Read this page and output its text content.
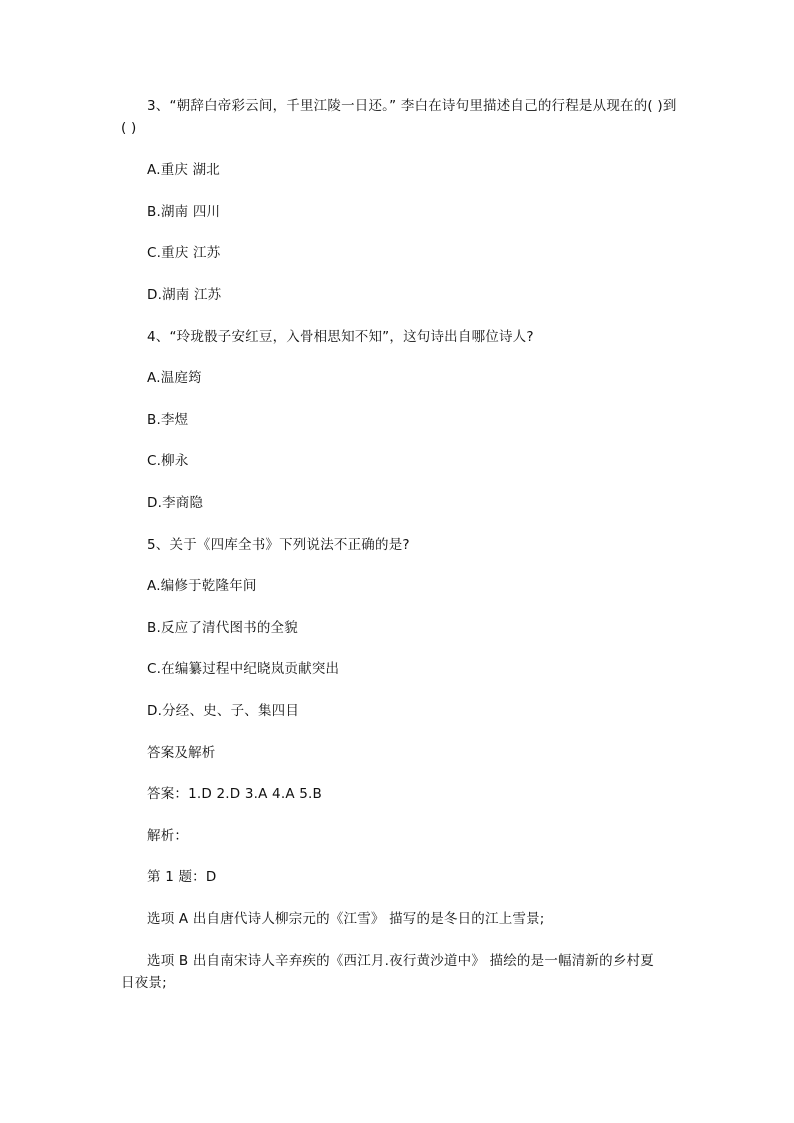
3、“朝辞白帝彩云间，千里江陵一日还。” 李白在诗句里描述自己的行程是从现在的( )到
( )
A.重庆 湖北
B.湖南 四川
C.重庆 江苏
D.湖南 江苏
4、“玲珑骰子安红豆，入骨相思知不知”，这句诗出自哪位诗人?
A.温庭筠
B.李煜
C.柳永
D.李商隐
5、关于《四库全书》下列说法不正确的是?
A.编修于乾隆年间
B.反应了清代图书的全貌
C.在编纂过程中纪晓岚贡献突出
D.分经、史、子、集四目
答案及解析
答案：1.D 2.D 3.A 4.A 5.B
解析：
第 1 题：D
选项 A 出自唐代诗人柳宗元的《江雪》 描写的是冬日的江上雪景;
选项 B 出自南宋诗人辛弃疾的《西江月.夜行黄沙道中》 描绘的是一幅清新的乡村夏
日夜景;
